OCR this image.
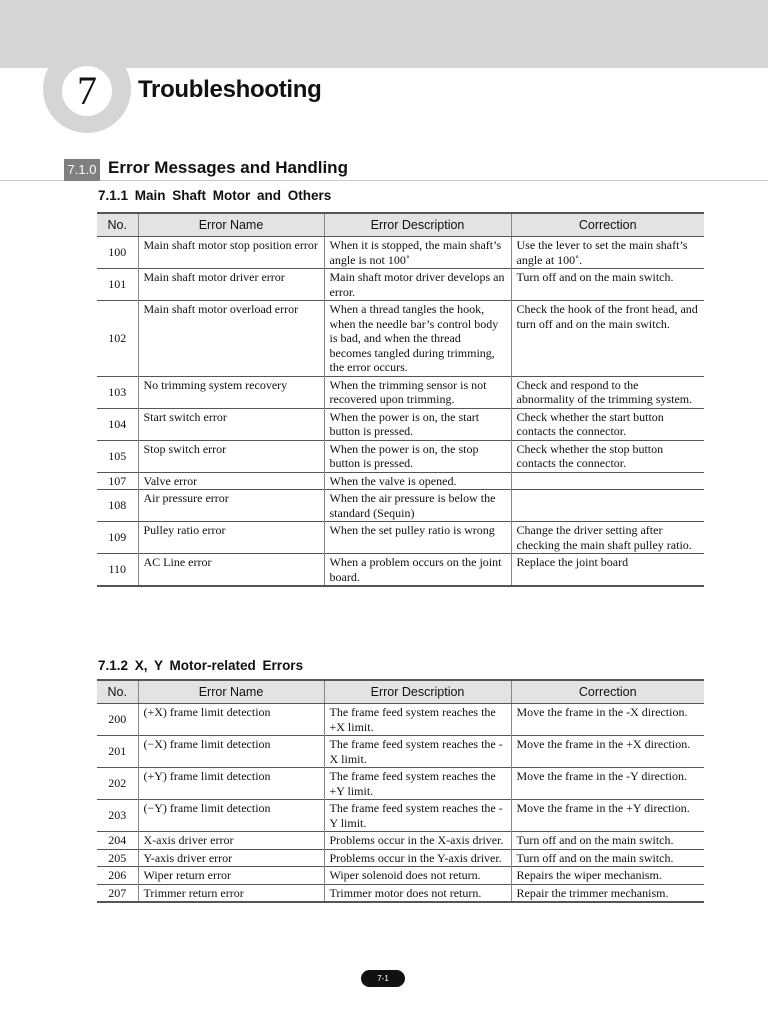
7	Troubleshooting
7.1.0 Error Messages and Handling
7.1.1 Main Shaft Motor and Others
No.	Error Name	Error Description	Correction
100	Main shaft motor stop position error	When it is stopped, the main shaft’s angle is not 100˚	Use the lever to set the main shaft’s angle at 100˚.
101	Main shaft motor driver error	Main shaft motor driver develops an error.	Turn off and on the main switch.
102	Main shaft motor overload error	When a thread tangles the hook, when the needle bar’s control body is bad, and when the thread becomes tangled during trimming, the error occurs.	Check the hook of the front head, and turn off and on the main switch.
103	No trimming system recovery	When the trimming sensor is not recovered upon trimming.	Check and respond to the abnormality of the trimming system.
104	Start switch error	When the power is on, the start button is pressed.	Check whether the start button contacts the connector.
105	Stop switch error	When the power is on, the stop button is pressed.	Check whether the stop button contacts the connector.
107	Valve error	When the valve is opened.	
108	Air pressure error	When the air pressure is below the standard (Sequin)	
109	Pulley ratio error	When the set pulley ratio is wrong	Change the driver setting after checking the main shaft pulley ratio.
110	AC Line error	When a problem occurs on the joint board.	Replace the joint board
7.1.2 X, Y Motor-related Errors
No.	Error Name	Error Description	Correction
200	(+X) frame limit detection	The frame feed system reaches the +X limit.	Move the frame in the -X direction.
201	(−X) frame limit detection	The frame feed system reaches the -X limit.	Move the frame in the +X direction.
202	(+Y) frame limit detection	The frame feed system reaches the +Y limit.	Move the frame in the -Y direction.
203	(−Y) frame limit detection	The frame feed system reaches the -Y limit.	Move the frame in the +Y direction.
204	X-axis driver error	Problems occur in the X-axis driver.	Turn off and on the main switch.
205	Y-axis driver error	Problems occur in the Y-axis driver.	Turn off and on the main switch.
206	Wiper return error	Wiper solenoid does not return.	Repairs the wiper mechanism.
207	Trimmer return error	Trimmer motor does not return.	Repair the trimmer mechanism.
7-1
